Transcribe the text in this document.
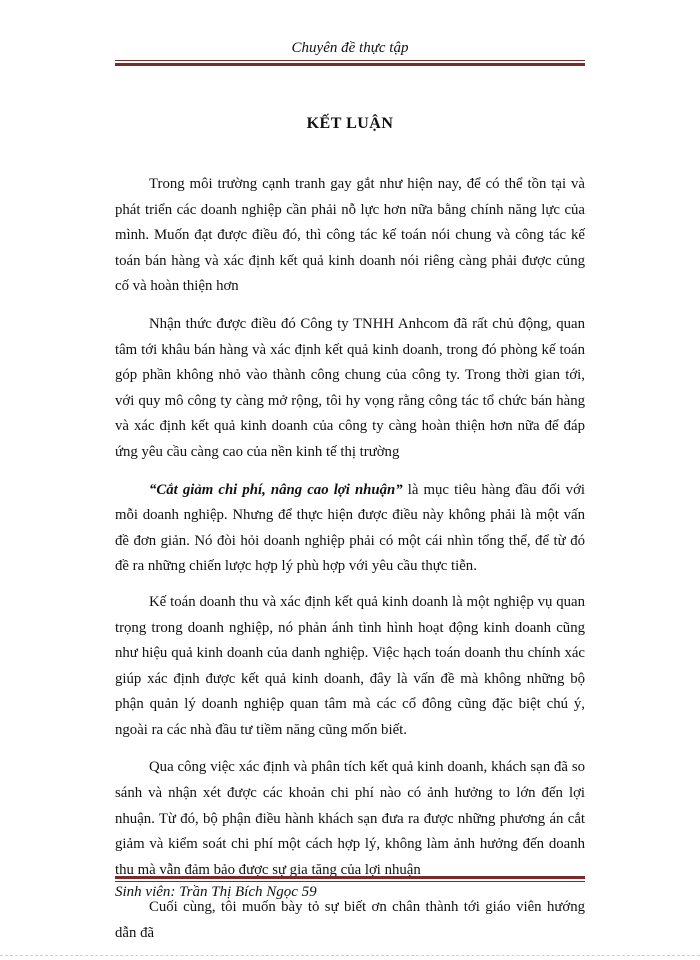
Chuyên đề thực tập
KẾT LUẬN

Trong môi trường cạnh tranh gay gắt như hiện nay, để có thể tồn tại và phát triển các doanh nghiệp cần phải nỗ lực hơn nữa bằng chính năng lực của mình. Muốn đạt được điều đó, thì công tác kế toán nói chung và công tác kế toán bán hàng và xác định kết quả kinh doanh nói riêng càng phải được củng cố và hoàn thiện hơn

Nhận thức được điều đó Công ty TNHH Anhcom đã rất chủ động, quan tâm tới khâu bán hàng và xác định kết quả kinh doanh, trong đó phòng kế toán góp phần không nhỏ vào thành công chung của công ty. Trong thời gian tới, với quy mô công ty càng mở rộng, tôi hy vọng rằng công tác tổ chức bán hàng và xác định kết quả kinh doanh của công ty càng hoàn thiện hơn nữa để đáp ứng yêu cầu càng cao của nền kinh tế thị trường

“Cắt giảm chi phí, nâng cao lợi nhuận” là mục tiêu hàng đầu đối với mỗi doanh nghiệp. Nhưng để thực hiện được điều này không phải là một vấn đề đơn giản. Nó đòi hỏi doanh nghiệp phải có một cái nhìn tổng thể, để từ đó đề ra những chiến lược hợp lý phù hợp với yêu cầu thực tiễn.

Kế toán doanh thu và xác định kết quả kinh doanh là một nghiệp vụ quan trọng trong doanh nghiệp, nó phản ánh tình hình hoạt động kinh doanh cũng như hiệu quả kinh doanh của danh nghiệp. Việc hạch toán doanh thu chính xác giúp xác định được kết quả kinh doanh, đây là vấn đề mà không những bộ phận quản lý doanh nghiệp quan tâm mà các cổ đông cũng đặc biệt chú ý, ngoài ra các nhà đầu tư tiềm năng cũng mốn biết.

Qua công việc xác định và phân tích kết quả kinh doanh, khách sạn đã so sánh và nhận xét được các khoản chi phí nào có ảnh hưởng to lớn đến lợi nhuận. Từ đó, bộ phận điều hành khách sạn đưa ra được những phương án cắt giảm và kiểm soát chi phí một cách hợp lý, không làm ảnh hưởng đến doanh thu mà vẫn đảm bảo được sự gia tăng của lợi nhuận

Cuối cùng, tôi muốn bày tỏ sự biết ơn chân thành tới giáo viên hướng dẫn đã

Sinh viên: Trần Thị Bích Ngọc 59
